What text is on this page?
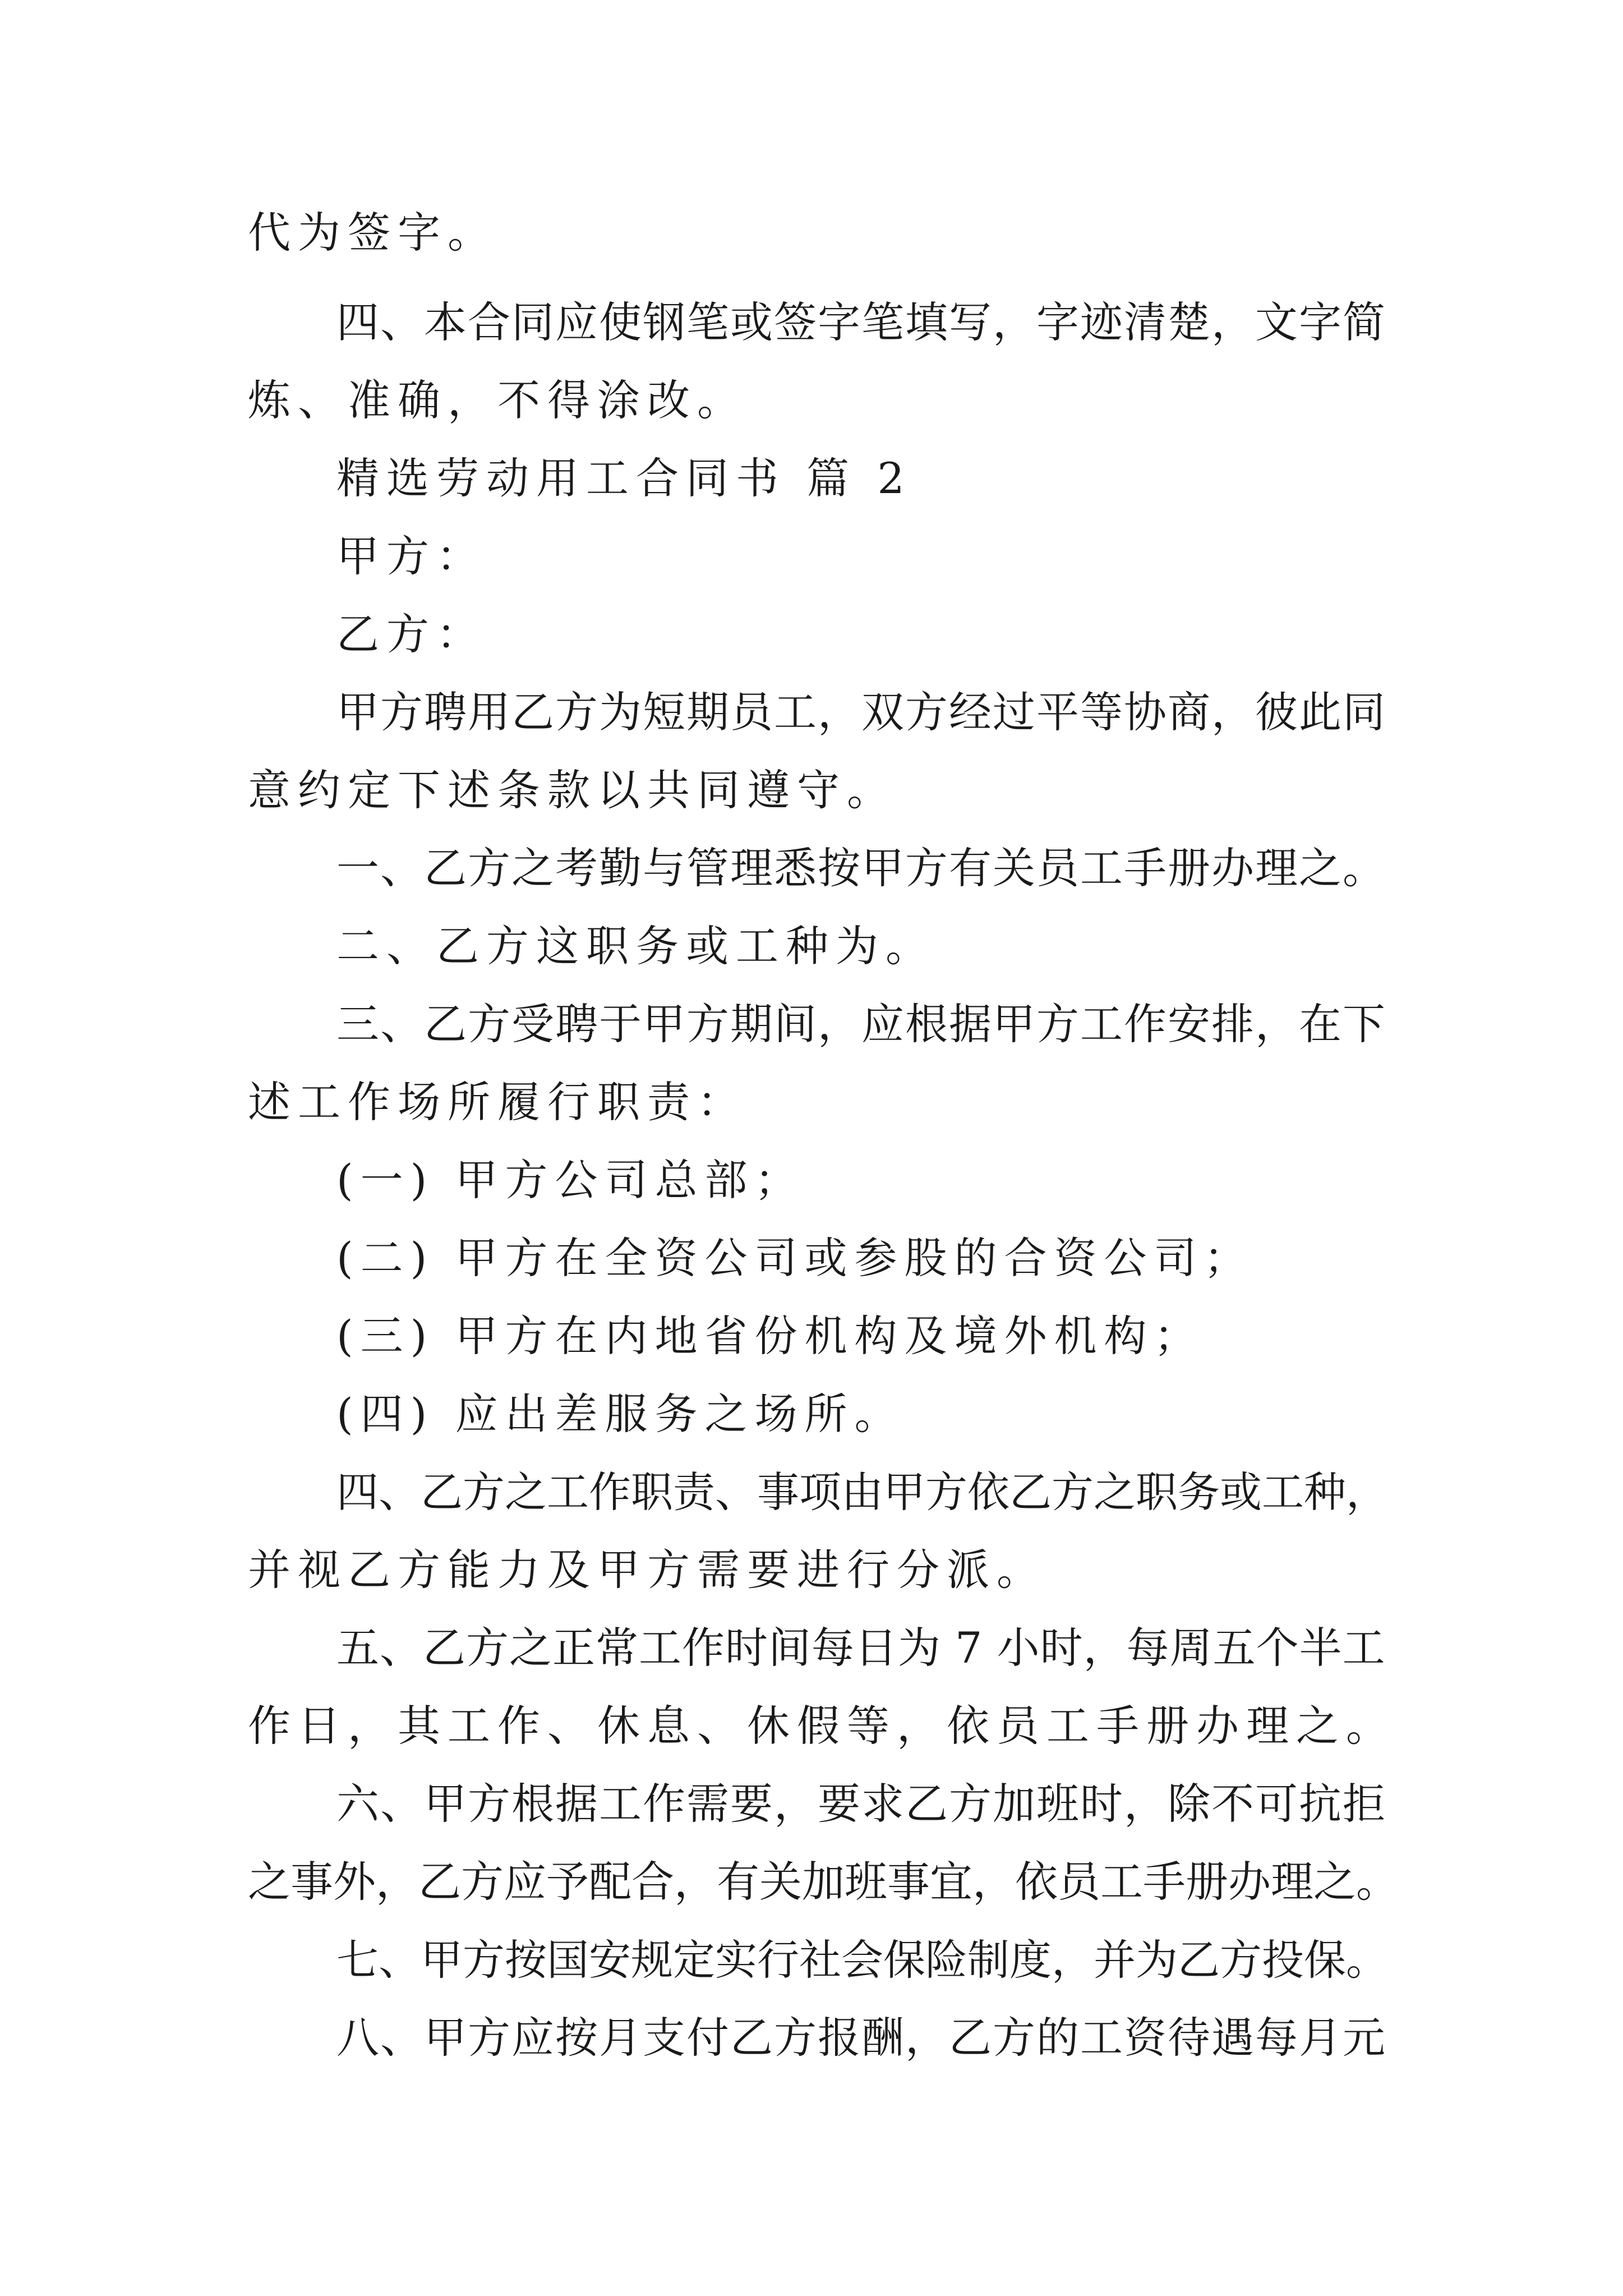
代为签字。
四、本合同应使钢笔或签字笔填写，字迹清楚，文字简
炼、准确，不得涂改。
精选劳动用工合同书 篇 2
甲方：
乙方：
甲方聘用乙方为短期员工，双方经过平等协商，彼此同
意约定下述条款以共同遵守。
一、乙方之考勤与管理悉按甲方有关员工手册办理之。
二、乙方这职务或工种为。
三、乙方受聘于甲方期间，应根据甲方工作安排，在下
述工作场所履行职责：
(一) 甲方公司总部；
(二) 甲方在全资公司或参股的合资公司；
(三) 甲方在内地省份机构及境外机构；
(四) 应出差服务之场所。
四、乙方之工作职责、事项由甲方依乙方之职务或工种，
并视乙方能力及甲方需要进行分派。
五、乙方之正常工作时间每日为 7 小时，每周五个半工
作日，其工作、休息、休假等，依员工手册办理之。
六、甲方根据工作需要，要求乙方加班时，除不可抗拒
之事外，乙方应予配合，有关加班事宜，依员工手册办理之。
七、甲方按国安规定实行社会保险制度，并为乙方投保。
八、甲方应按月支付乙方报酬，乙方的工资待遇每月元
